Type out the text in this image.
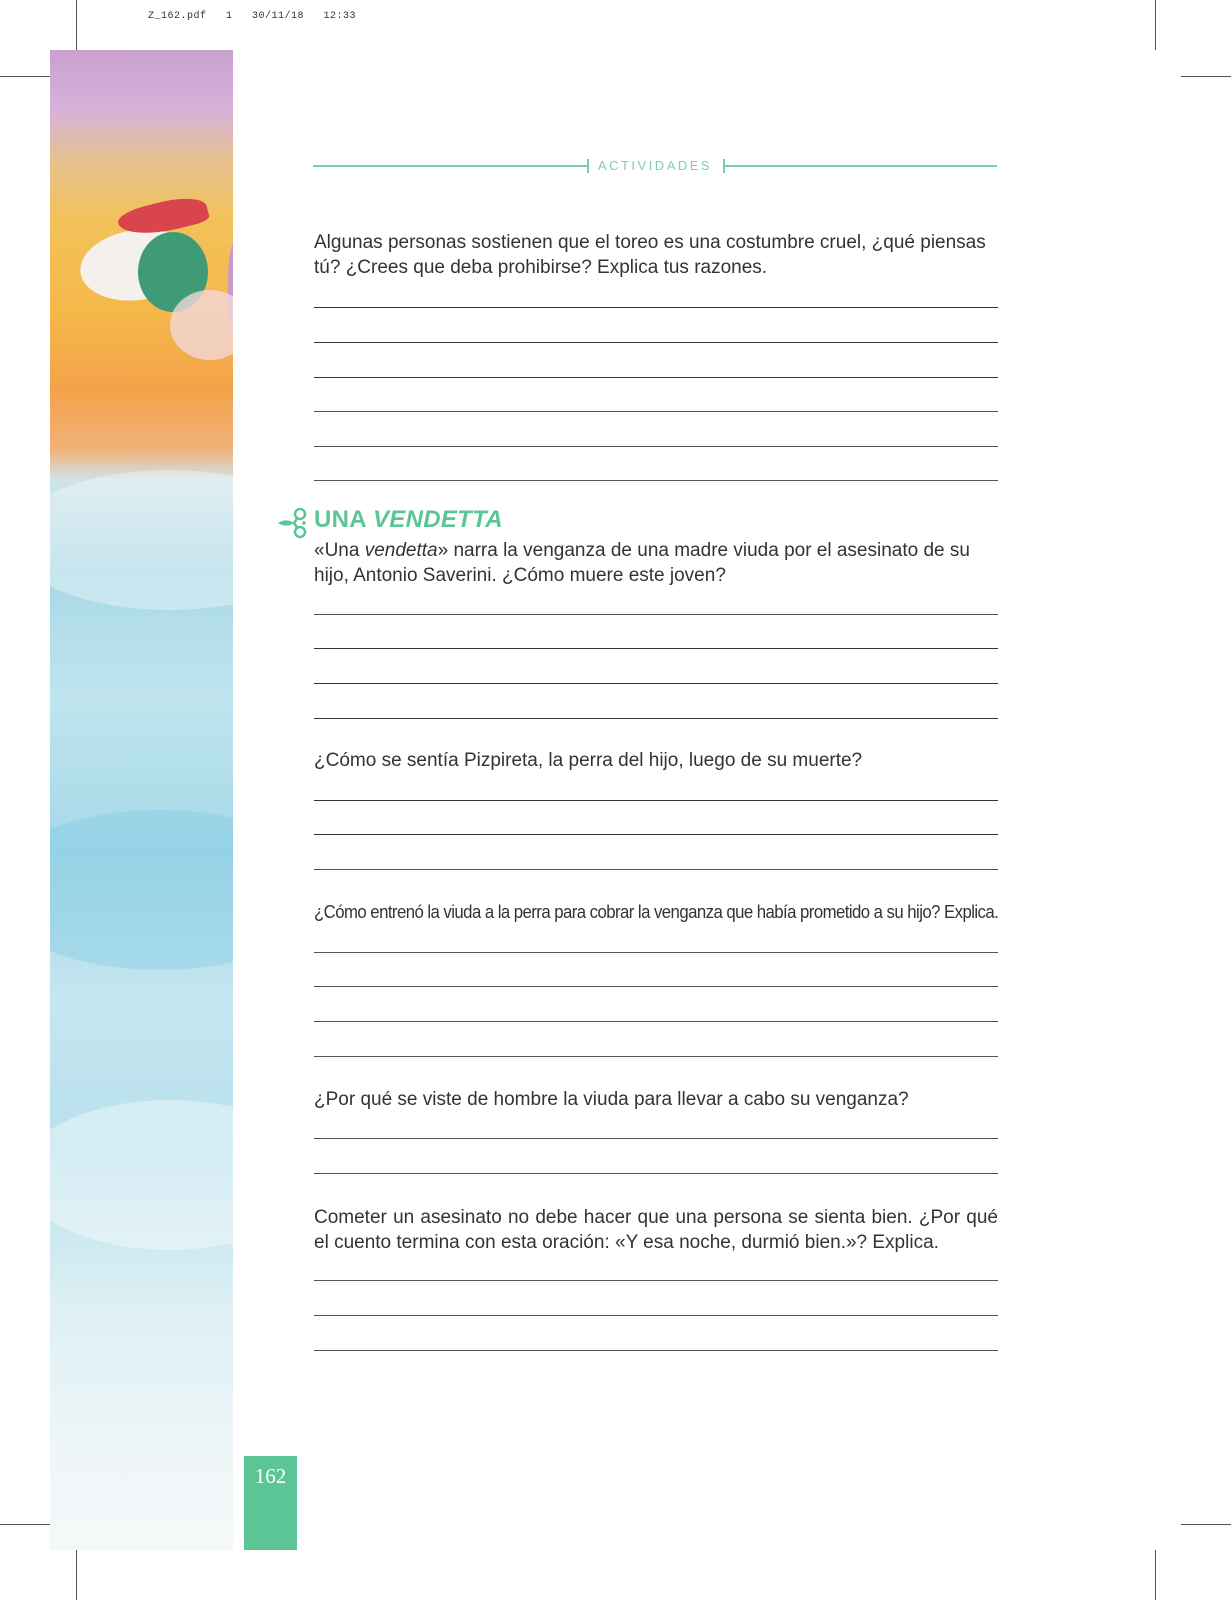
Z_162.pdf   1   30/11/18   12:33
162
ACTIVIDADES
Algunas personas sostienen que el toreo es una costumbre cruel, ¿qué piensas tú? ¿Crees que deba prohibirse? Explica tus razones.
UNA VENDETTA
«Una vendetta» narra la venganza de una madre viuda por el asesinato de su hijo, Antonio Saverini. ¿Cómo muere este joven?
¿Cómo se sentía Pizpireta, la perra del hijo, luego de su muerte?
¿Cómo entrenó la viuda a la perra para cobrar la venganza que había prometido a su hijo? Explica.
¿Por qué se viste de hombre la viuda para llevar a cabo su venganza?
Cometer un asesinato no debe hacer que una persona se sienta bien. ¿Por qué el cuento termina con esta oración: «Y esa noche, durmió bien.»? Explica.
